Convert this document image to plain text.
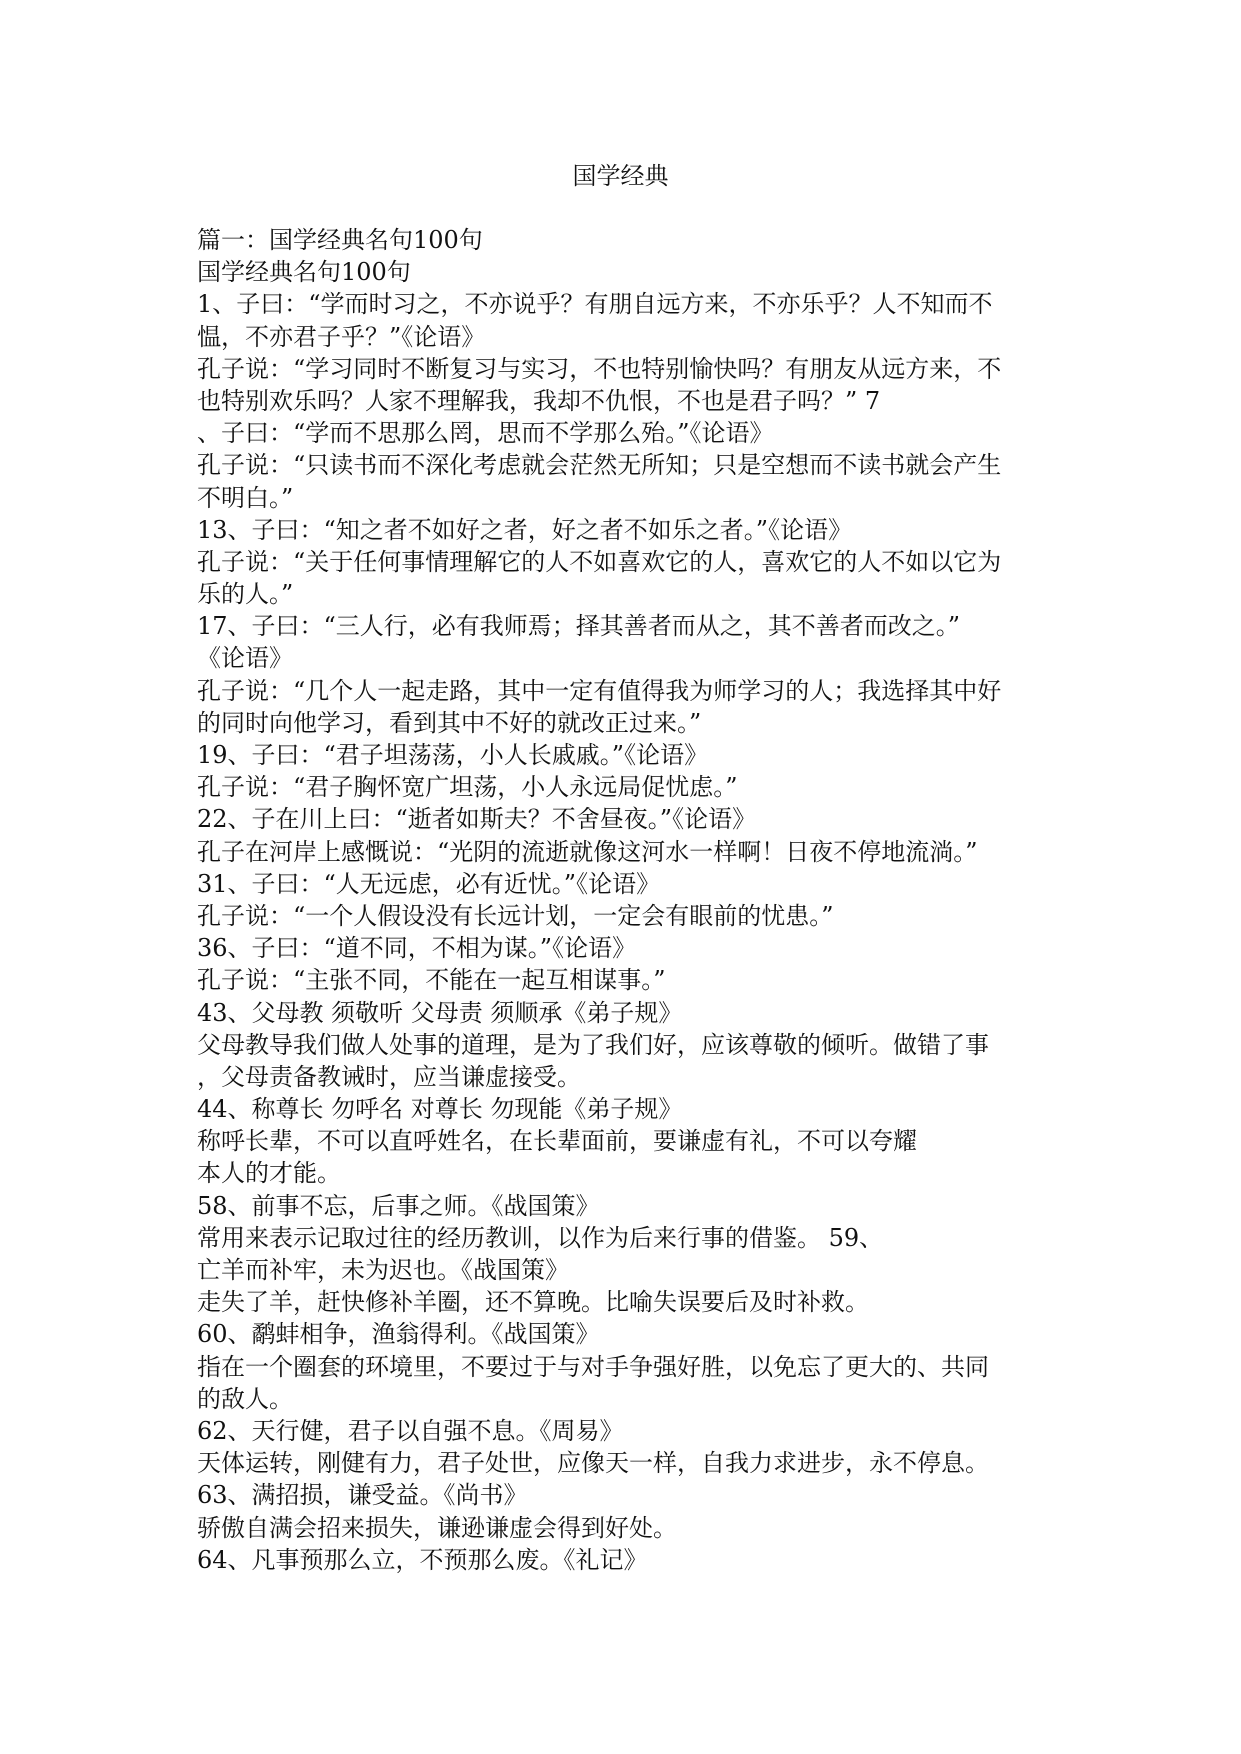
国学经典
篇一：国学经典名句100句
国学经典名句100句
1、子曰：“学而时习之，不亦说乎？有朋自远方来，不亦乐乎？人不知而不
愠，不亦君子乎？”《论语》
孔子说：“学习同时不断复习与实习，不也特别愉快吗？有朋友从远方来，不
也特别欢乐吗？人家不理解我，我却不仇恨，不也是君子吗？” 7
、子曰：“学而不思那么罔，思而不学那么殆。”《论语》
孔子说：“只读书而不深化考虑就会茫然无所知；只是空想而不读书就会产生
不明白。”
13、子曰：“知之者不如好之者，好之者不如乐之者。”《论语》
孔子说：“关于任何事情理解它的人不如喜欢它的人，喜欢它的人不如以它为
乐的人。”
17、子曰：“三人行，必有我师焉；择其善者而从之，其不善者而改之。”
《论语》
孔子说：“几个人一起走路，其中一定有值得我为师学习的人；我选择其中好
的同时向他学习，看到其中不好的就改正过来。”
19、子曰：“君子坦荡荡，小人长戚戚。”《论语》
孔子说：“君子胸怀宽广坦荡，小人永远局促忧虑。”
22、子在川上曰：“逝者如斯夫？不舍昼夜。”《论语》
孔子在河岸上感慨说：“光阴的流逝就像这河水一样啊！日夜不停地流淌。”
31、子曰：“人无远虑，必有近忧。”《论语》
孔子说：“一个人假设没有长远计划，一定会有眼前的忧患。”
36、子曰：“道不同，不相为谋。”《论语》
孔子说：“主张不同，不能在一起互相谋事。”
43、父母教 须敬听 父母责 须顺承《弟子规》
父母教导我们做人处事的道理，是为了我们好，应该尊敬的倾听。做错了事
，父母责备教诫时，应当谦虚接受。
44、称尊长 勿呼名 对尊长 勿现能《弟子规》
称呼长辈，不可以直呼姓名，在长辈面前，要谦虚有礼，不可以夸耀
本人的才能。
58、前事不忘，后事之师。《战国策》
常用来表示记取过往的经历教训，以作为后来行事的借鉴。 59、
亡羊而补牢，未为迟也。《战国策》
走失了羊，赶快修补羊圈，还不算晚。比喻失误要后及时补救。
60、鹬蚌相争，渔翁得利。《战国策》
指在一个圈套的环境里，不要过于与对手争强好胜，以免忘了更大的、共同
的敌人。
62、天行健，君子以自强不息。《周易》
天体运转，刚健有力，君子处世，应像天一样，自我力求进步，永不停息。
63、满招损，谦受益。《尚书》
骄傲自满会招来损失，谦逊谦虚会得到好处。
64、凡事预那么立，不预那么废。《礼记》
